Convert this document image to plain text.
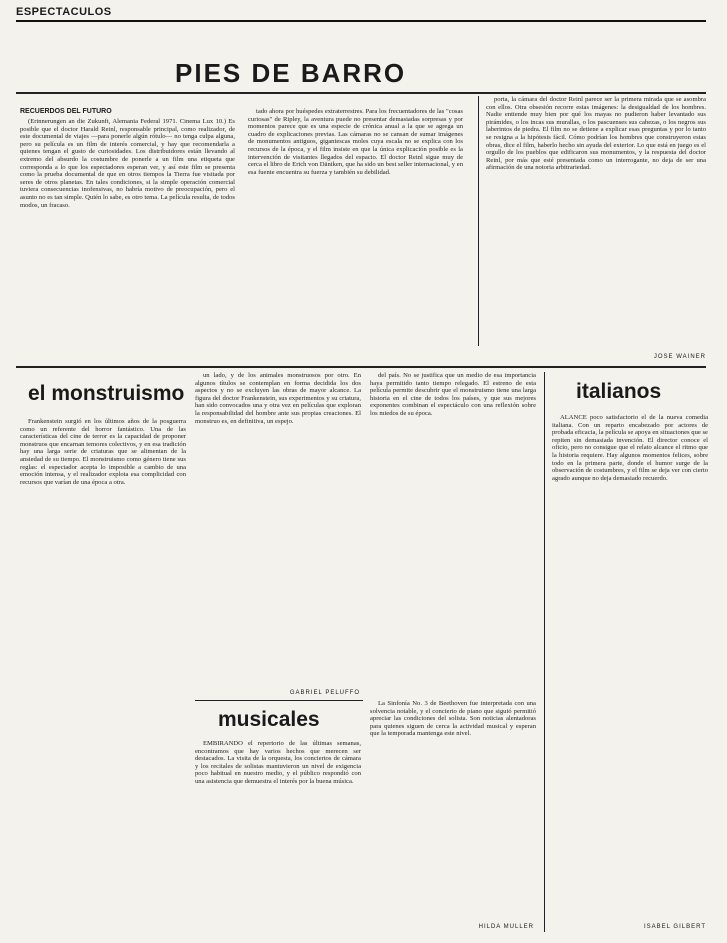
ESPECTACULOS
PIES DE BARRO
RECUERDOS DEL FUTURO

(Erinnerungen an die Zukunft, Alemania Federal 1971. Cinema Lux 10.) Es posible que el doctor Harald Reinl, responsable principal, como realizador, de este documental de viajes —para ponerle algún rótulo— no tenga culpa alguna, pero su película es un film de interés comercial, y hay que recomendarla a quienes tengan el gusto de curiosidades. Los distribuidores están llevando al extremo del absurdo la costumbre de ponerle a un film una etiqueta que corresponda a lo que los espectadores esperan ver, y así este film se presenta como la prueba documental de que en otros tiempos la Tierra fue visitada por seres de otros planetas. En tales condiciones, si la simple operación comercial tuviera consecuencias inofensivas, no habría motivo de preocupación, pero el asunto no es tan simple. Quién lo sabe, es otro tema. La película resulta, de todos modos, un fracaso.

tado ahora por huéspedes extraterrestres. Para los frecuentadores de las "cosas curiosas" de Ripley, la aventura puede no presentar demasiadas sorpresas y por momentos parece que es una especie de crónica anual a la que se agrega un cuadro de explicaciones previas. Las cámaras no se cansan de sumar imágenes de monumentos antiguos, gigantescas moles cuya escala no se explica con los recursos de la época, y el film insiste en que la única explicación posible es la intervención de visitantes llegados del espacio. El doctor Reinl sigue muy de cerca el libro de Erich von Däniken, que ha sido un best seller internacional, y en esa fuente encuentra su fuerza y también su debilidad.

porta, la cámara del doctor Reinl parece ser la primera mirada que se asombra con ellos. Otra obsesión recorre estas imágenes: la desigualdad de los hombres. Nadie entiende muy bien por qué los mayas no pudieron haber levantado sus pirámides, o los incas sus murallas, o los pascuenses sus cabezas, o los negros sus laberintos de piedra. El film no se detiene a explicar esas preguntas y por lo tanto se resigna a la hipótesis fácil. Cómo podrían los hombres que construyeron estas obras, dice el film, haberlo hecho sin ayuda del exterior. Lo que está en juego es el orgullo de los pueblos que edificaron sus monumentos, y la respuesta del doctor Reinl, por más que esté presentada como un interrogante, no deja de ser una afirmación de una notoria arbitrariedad.

JOSE WAINER
el monstruismo

Frankenstein surgió en los últimos años de la posguerra como un referente del horror fantástico. Una de las características del cine de terror es la capacidad de proponer monstruos que encarnan temores colectivos, y en esa tradición hay una larga serie de criaturas que se alimentan de la ansiedad de su tiempo. El monstruismo como género tiene sus reglas: el espectador acepta lo imposible a cambio de una emoción intensa, y el realizador explota esa complicidad con recursos que varían de una época a otra.

un lado, y de los animales monstruosos por otro. En algunos títulos se contemplan en forma decidida los dos aspectos y no se excluyen las obras de mayor alcance. La figura del doctor Frankenstein, sus experimentos y su criatura, han sido convocados una y otra vez en películas que exploran la responsabilidad del hombre ante sus propias creaciones. El monstruo es, en definitiva, un espejo.

del país. No se justifica que un medio de esa importancia haya permitido tanto tiempo relegado. El estreno de esta película permite descubrir que el monstruismo tiene una larga historia en el cine de todos los países, y que sus mejores exponentes combinan el espectáculo con una reflexión sobre los miedos de su época.

GABRIEL PELUFFO
musicales

EMBIRANDO el repertorio de las últimas semanas, encontramos que hay varios hechos que merecen ser destacados. La visita de la orquesta, los conciertos de cámara y los recitales de solistas mantuvieron un nivel de exigencia poco habitual en nuestro medio, y el público respondió con una asistencia que demuestra el interés por la buena música.

La Sinfonía No. 3 de Beethoven fue interpretada con una solvencia notable, y el concierto de piano que siguió permitió apreciar las condiciones del solista. Son noticias alentadoras para quienes siguen de cerca la actividad musical y esperan que la temporada mantenga este nivel.

HILDA MULLER
italianos

ALANCE poco satisfactorio el de la nueva comedia italiana. Con un reparto encabezado por actores de probada eficacia, la película se apoya en situaciones que se repiten sin demasiada invención. El director conoce el oficio, pero no consigue que el relato alcance el ritmo que la historia requiere. Hay algunos momentos felices, sobre todo en la primera parte, donde el humor surge de la observación de costumbres, y el film se deja ver con cierto agrado aunque no deja demasiado recuerdo.

ISABEL GILBERT
